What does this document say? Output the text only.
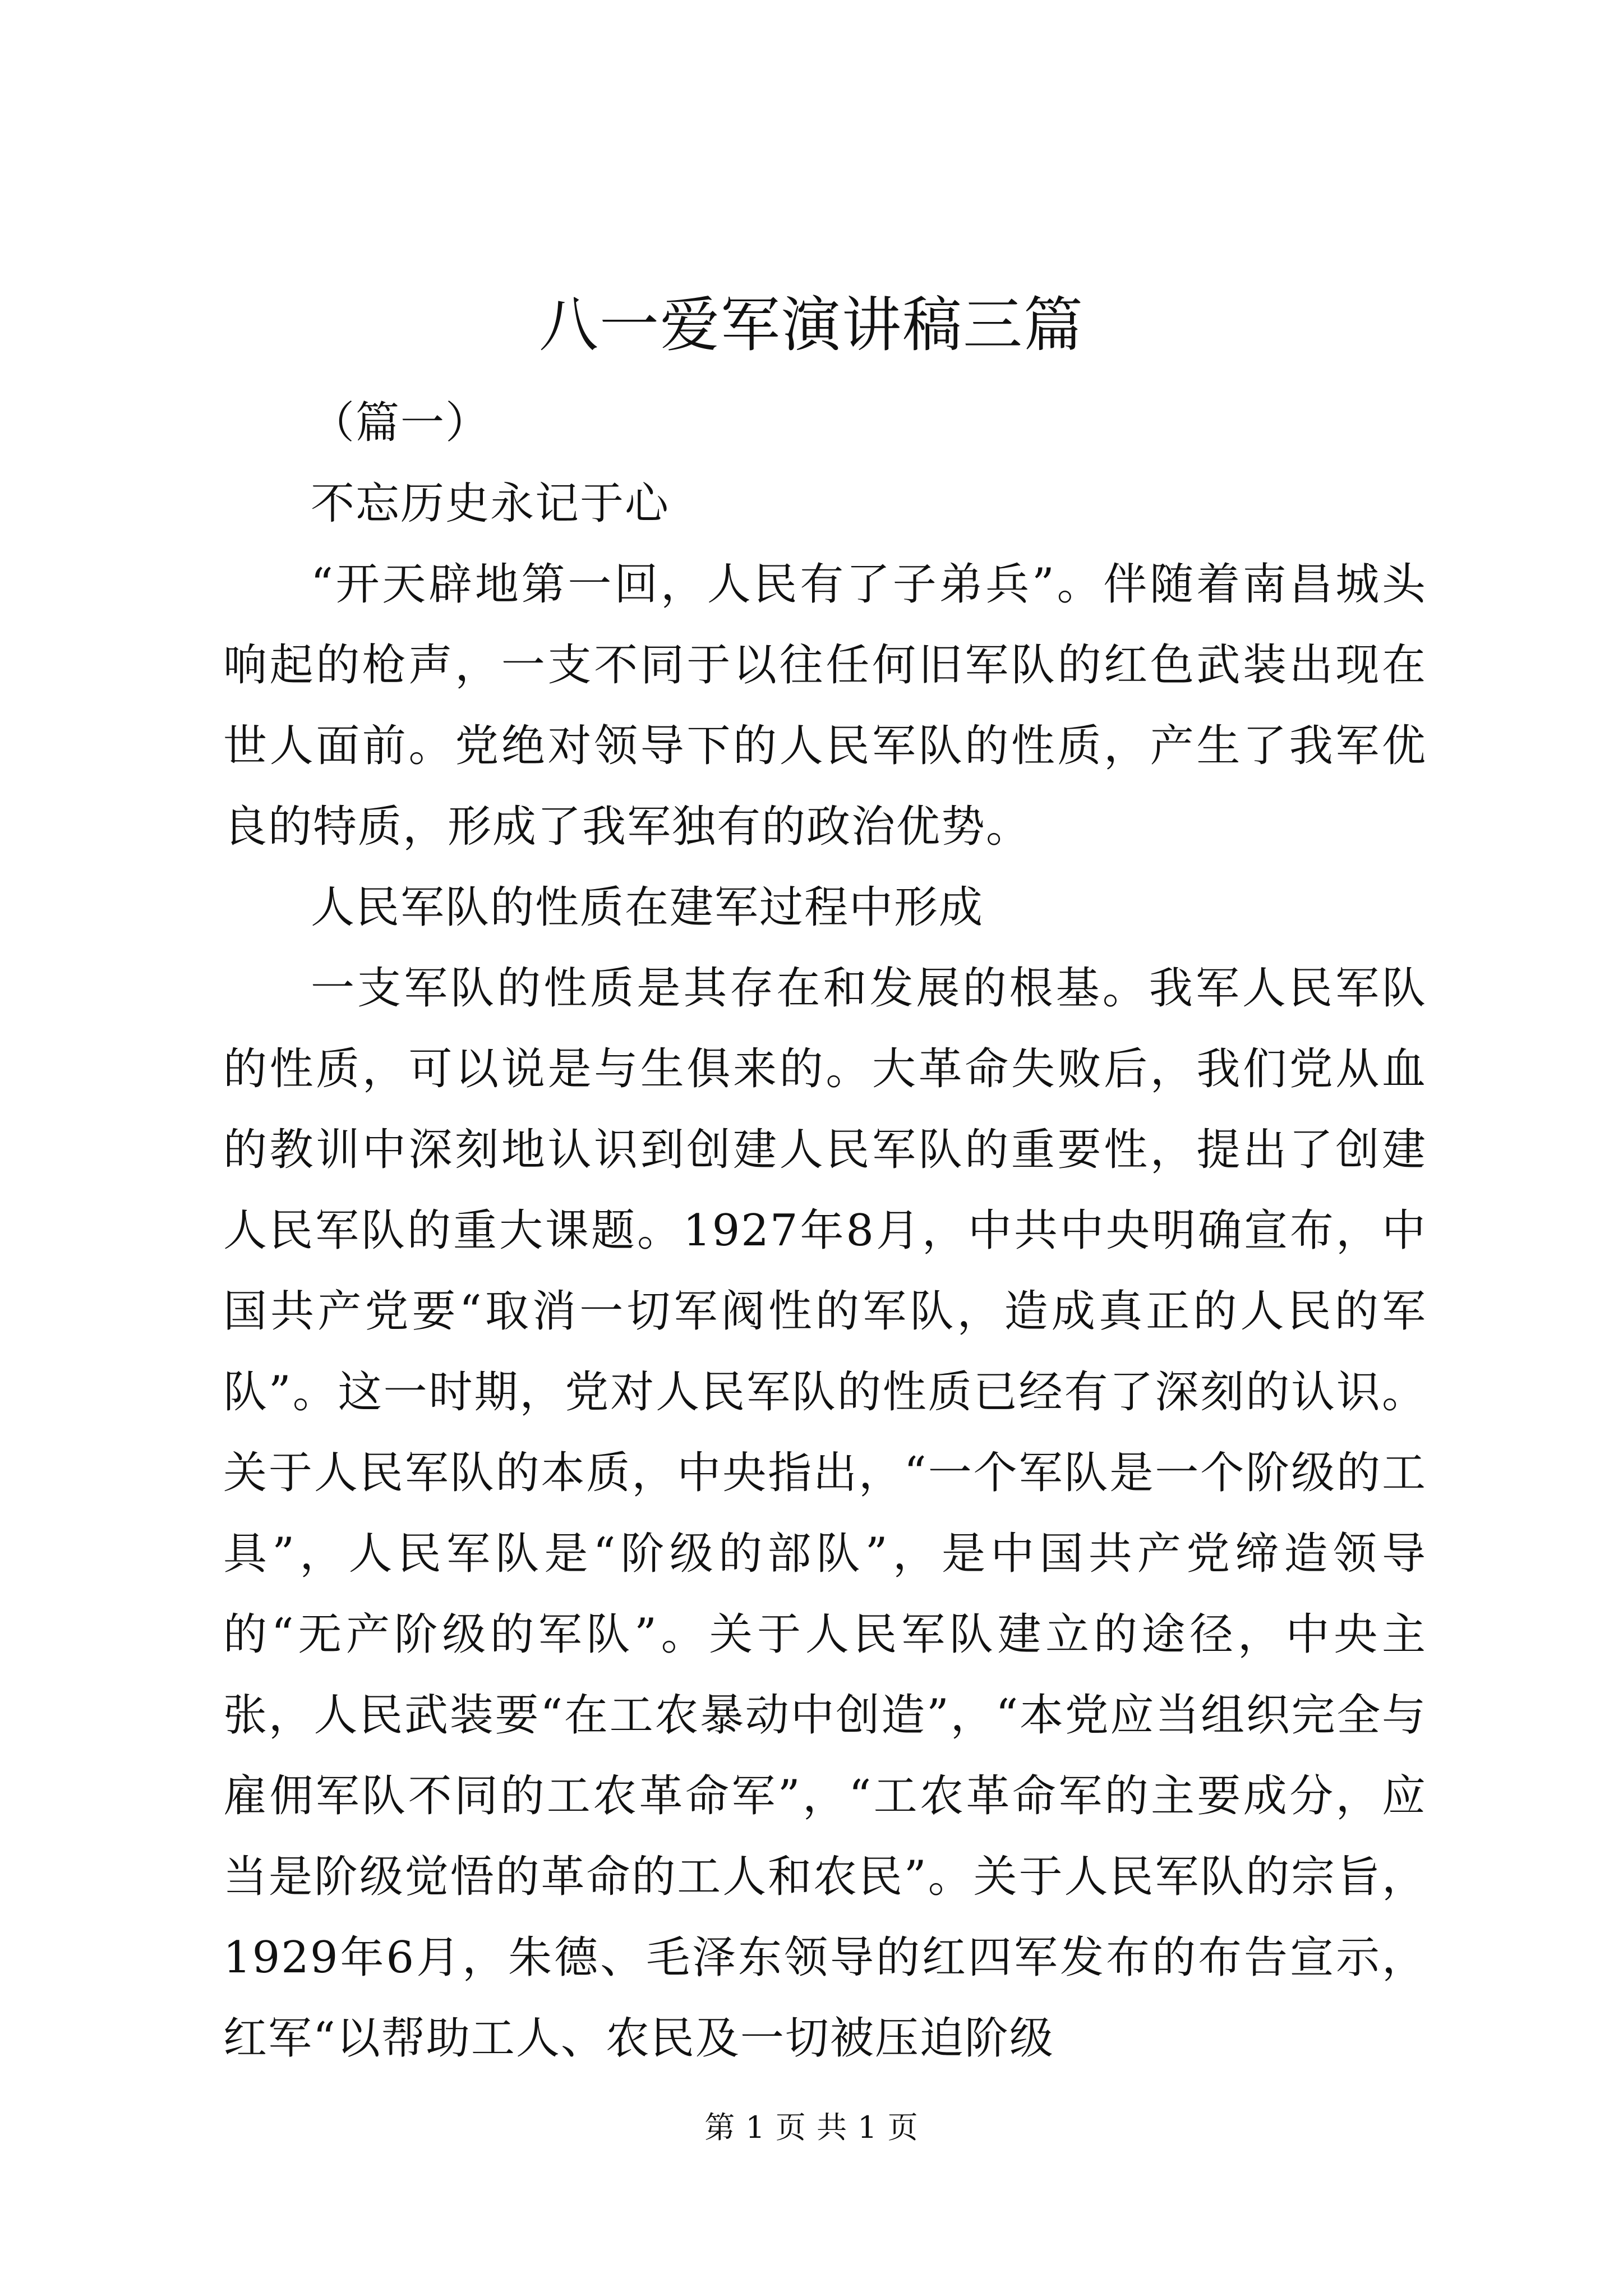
八一爱军演讲稿三篇

（篇一）

不忘历史永记于心

“开天辟地第一回，人民有了子弟兵”。伴随着南昌城头响起的枪声，一支不同于以往任何旧军队的红色武装出现在世人面前。党绝对领导下的人民军队的性质，产生了我军优良的特质，形成了我军独有的政治优势。

人民军队的性质在建军过程中形成

一支军队的性质是其存在和发展的根基。我军人民军队的性质，可以说是与生俱来的。大革命失败后，我们党从血的教训中深刻地认识到创建人民军队的重要性，提出了创建人民军队的重大课题。1927年8月，中共中央明确宣布，中国共产党要“取消一切军阀性的军队，造成真正的人民的军队”。这一时期，党对人民军队的性质已经有了深刻的认识。关于人民军队的本质，中央指出，“一个军队是一个阶级的工具”，人民军队是“阶级的部队”，是中国共产党缔造领导的“无产阶级的军队”。关于人民军队建立的途径，中央主张，人民武装要“在工农暴动中创造”，“本党应当组织完全与雇佣军队不同的工农革命军”，“工农革命军的主要成分，应当是阶级觉悟的革命的工人和农民”。关于人民军队的宗旨，1929年6月，朱德、毛泽东领导的红四军发布的布告宣示，红军“以帮助工人、农民及一切被压迫阶级

第 1 页 共 1 页
